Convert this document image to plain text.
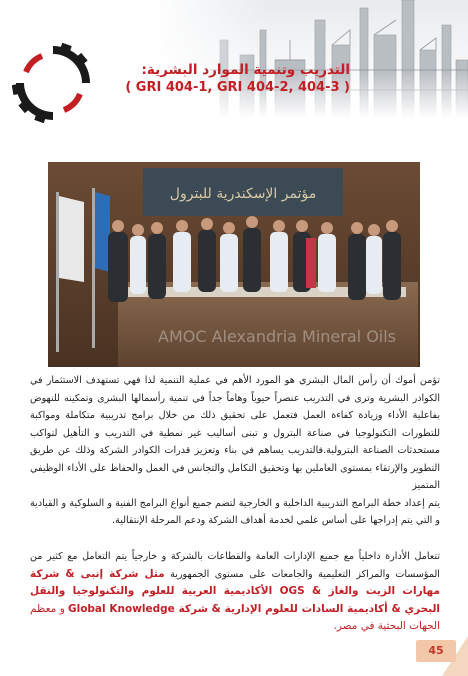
التدريب وتنمية الموارد البشرية:
( GRI 404-1, GRI 404-2, 404-3 )
مؤتمر الإسكندرية للبترول
AMOC Alexandria Mineral Oils
تؤمن أموك أن رأس المال البشري هو المورد الأهم في عملية التنمية لذا فهي تستهدف الاستثمار في الكوادر البشرية وترى في التدريب عنصراً حيوياً وهاماً جداً في تنمية رأسمالها البشرى وتمكينه للنهوض بفاعلية الأداء وزيادة كفاءة العمل فتعمل على تحقيق ذلك من خلال برامج تدريبية متكاملة ومواكبة للتطورات التكنولوجيا في صناعة البترول و تبنى أساليب غير نمطية في التدريب و التأهيل لتواكب مستحدثات الصناعة البترولية.فالتدريب يساهم في بناء وتعزيز قدرات الكوادر الشركة وذلك عن طريق التطوير والإرتقاء بمستوى العاملين بها وتحقيق التكامل والتجانس في العمل والحفاظ على الأداء الوظيفي المتميز
يتم إعداد خطة البرامج التدريبية الداخلية و الخارجية لتضم جميع أنواع البرامج الفنية و السلوكية و القيادية و التي يتم إدراجها على أساس علمي لخدمة أهداف الشركة ودعم المرحلة الإنتقالية.
تتعامل الأدارة داخلياً مع جميع الإدارات العامة والقطاعات بالشركة و خارجياً يتم التعامل مع كثير من المؤسسات والمراكز التعليمية والجامعات على مستوى الجمهورية مثل شركة إنبى & شركة مهارات الزيت والغاز & OGS الأكاديمية العربية للعلوم والتكنولوجيا والنقل البحري & أكاديمية السادات للعلوم الإدارية & شركة Global Knowledge و معظم الجهات البحثية في مصر.
45
